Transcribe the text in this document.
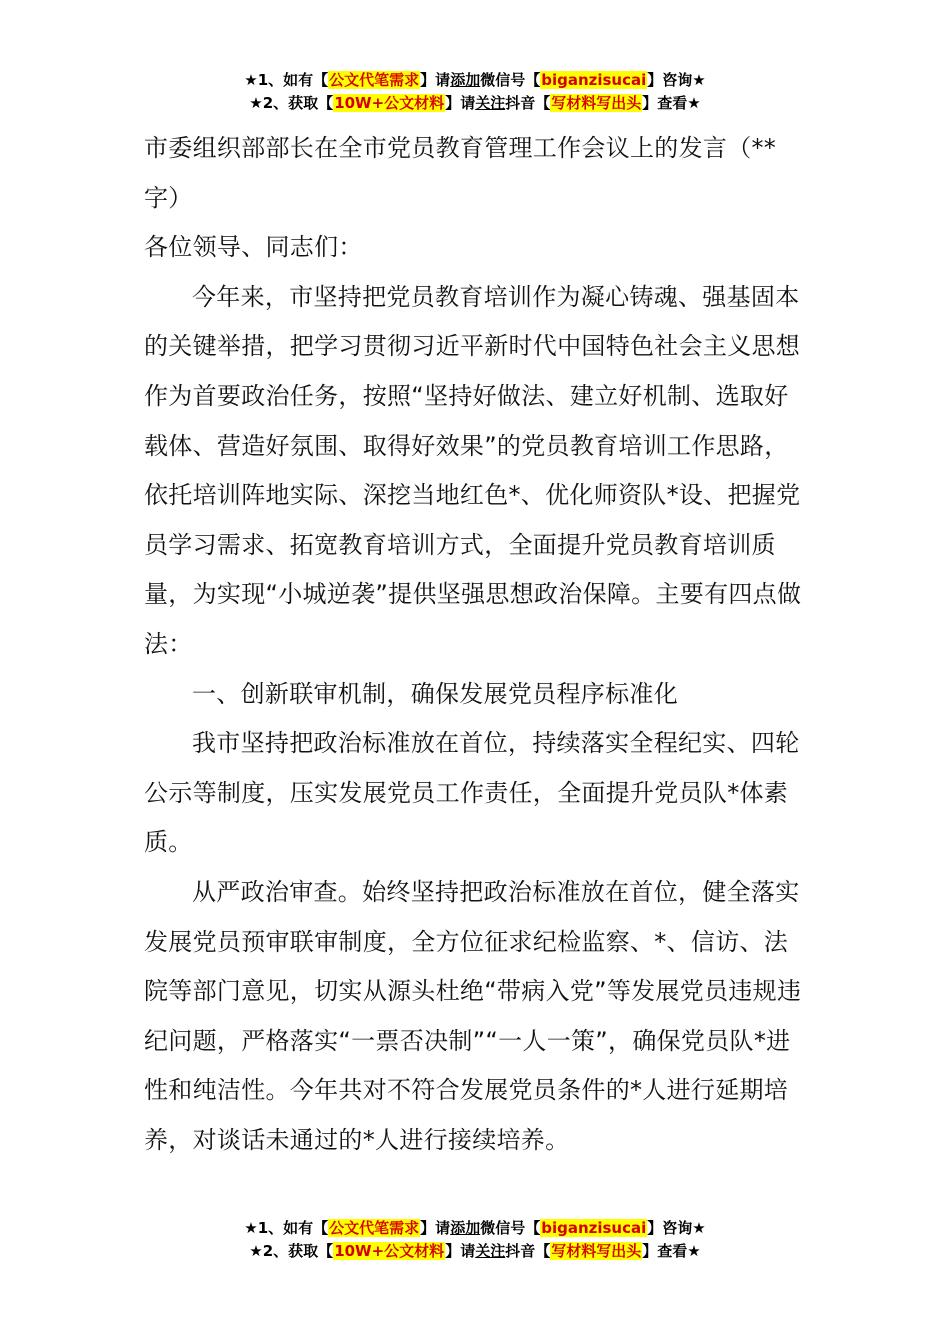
★1、如有【公文代笔需求】请添加微信号【biganzisucai】咨询★
★2、获取【10W+公文材料】请关注抖音【写材料写出头】查看★

市委组织部部长在全市党员教育管理工作会议上的发言（**字）

各位领导、同志们：

今年来，市坚持把党员教育培训作为凝心铸魂、强基固本的关键举措，把学习贯彻习近平新时代中国特色社会主义思想作为首要政治任务，按照“坚持好做法、建立好机制、选取好载体、营造好氛围、取得好效果”的党员教育培训工作思路，依托培训阵地实际、深挖当地红色*、优化师资队*设、把握党员学习需求、拓宽教育培训方式，全面提升党员教育培训质量，为实现“小城逆袭”提供坚强思想政治保障。主要有四点做法：

一、创新联审机制，确保发展党员程序标准化

我市坚持把政治标准放在首位，持续落实全程纪实、四轮公示等制度，压实发展党员工作责任，全面提升党员队*体素质。

从严政治审查。始终坚持把政治标准放在首位，健全落实发展党员预审联审制度，全方位征求纪检监察、*、信访、法院等部门意见，切实从源头杜绝“带病入党”等发展党员违规违纪问题，严格落实“一票否决制”“一人一策”，确保党员队*进性和纯洁性。今年共对不符合发展党员条件的*人进行延期培养，对谈话未通过的*人进行接续培养。

★1、如有【公文代笔需求】请添加微信号【biganzisucai】咨询★
★2、获取【10W+公文材料】请关注抖音【写材料写出头】查看★
